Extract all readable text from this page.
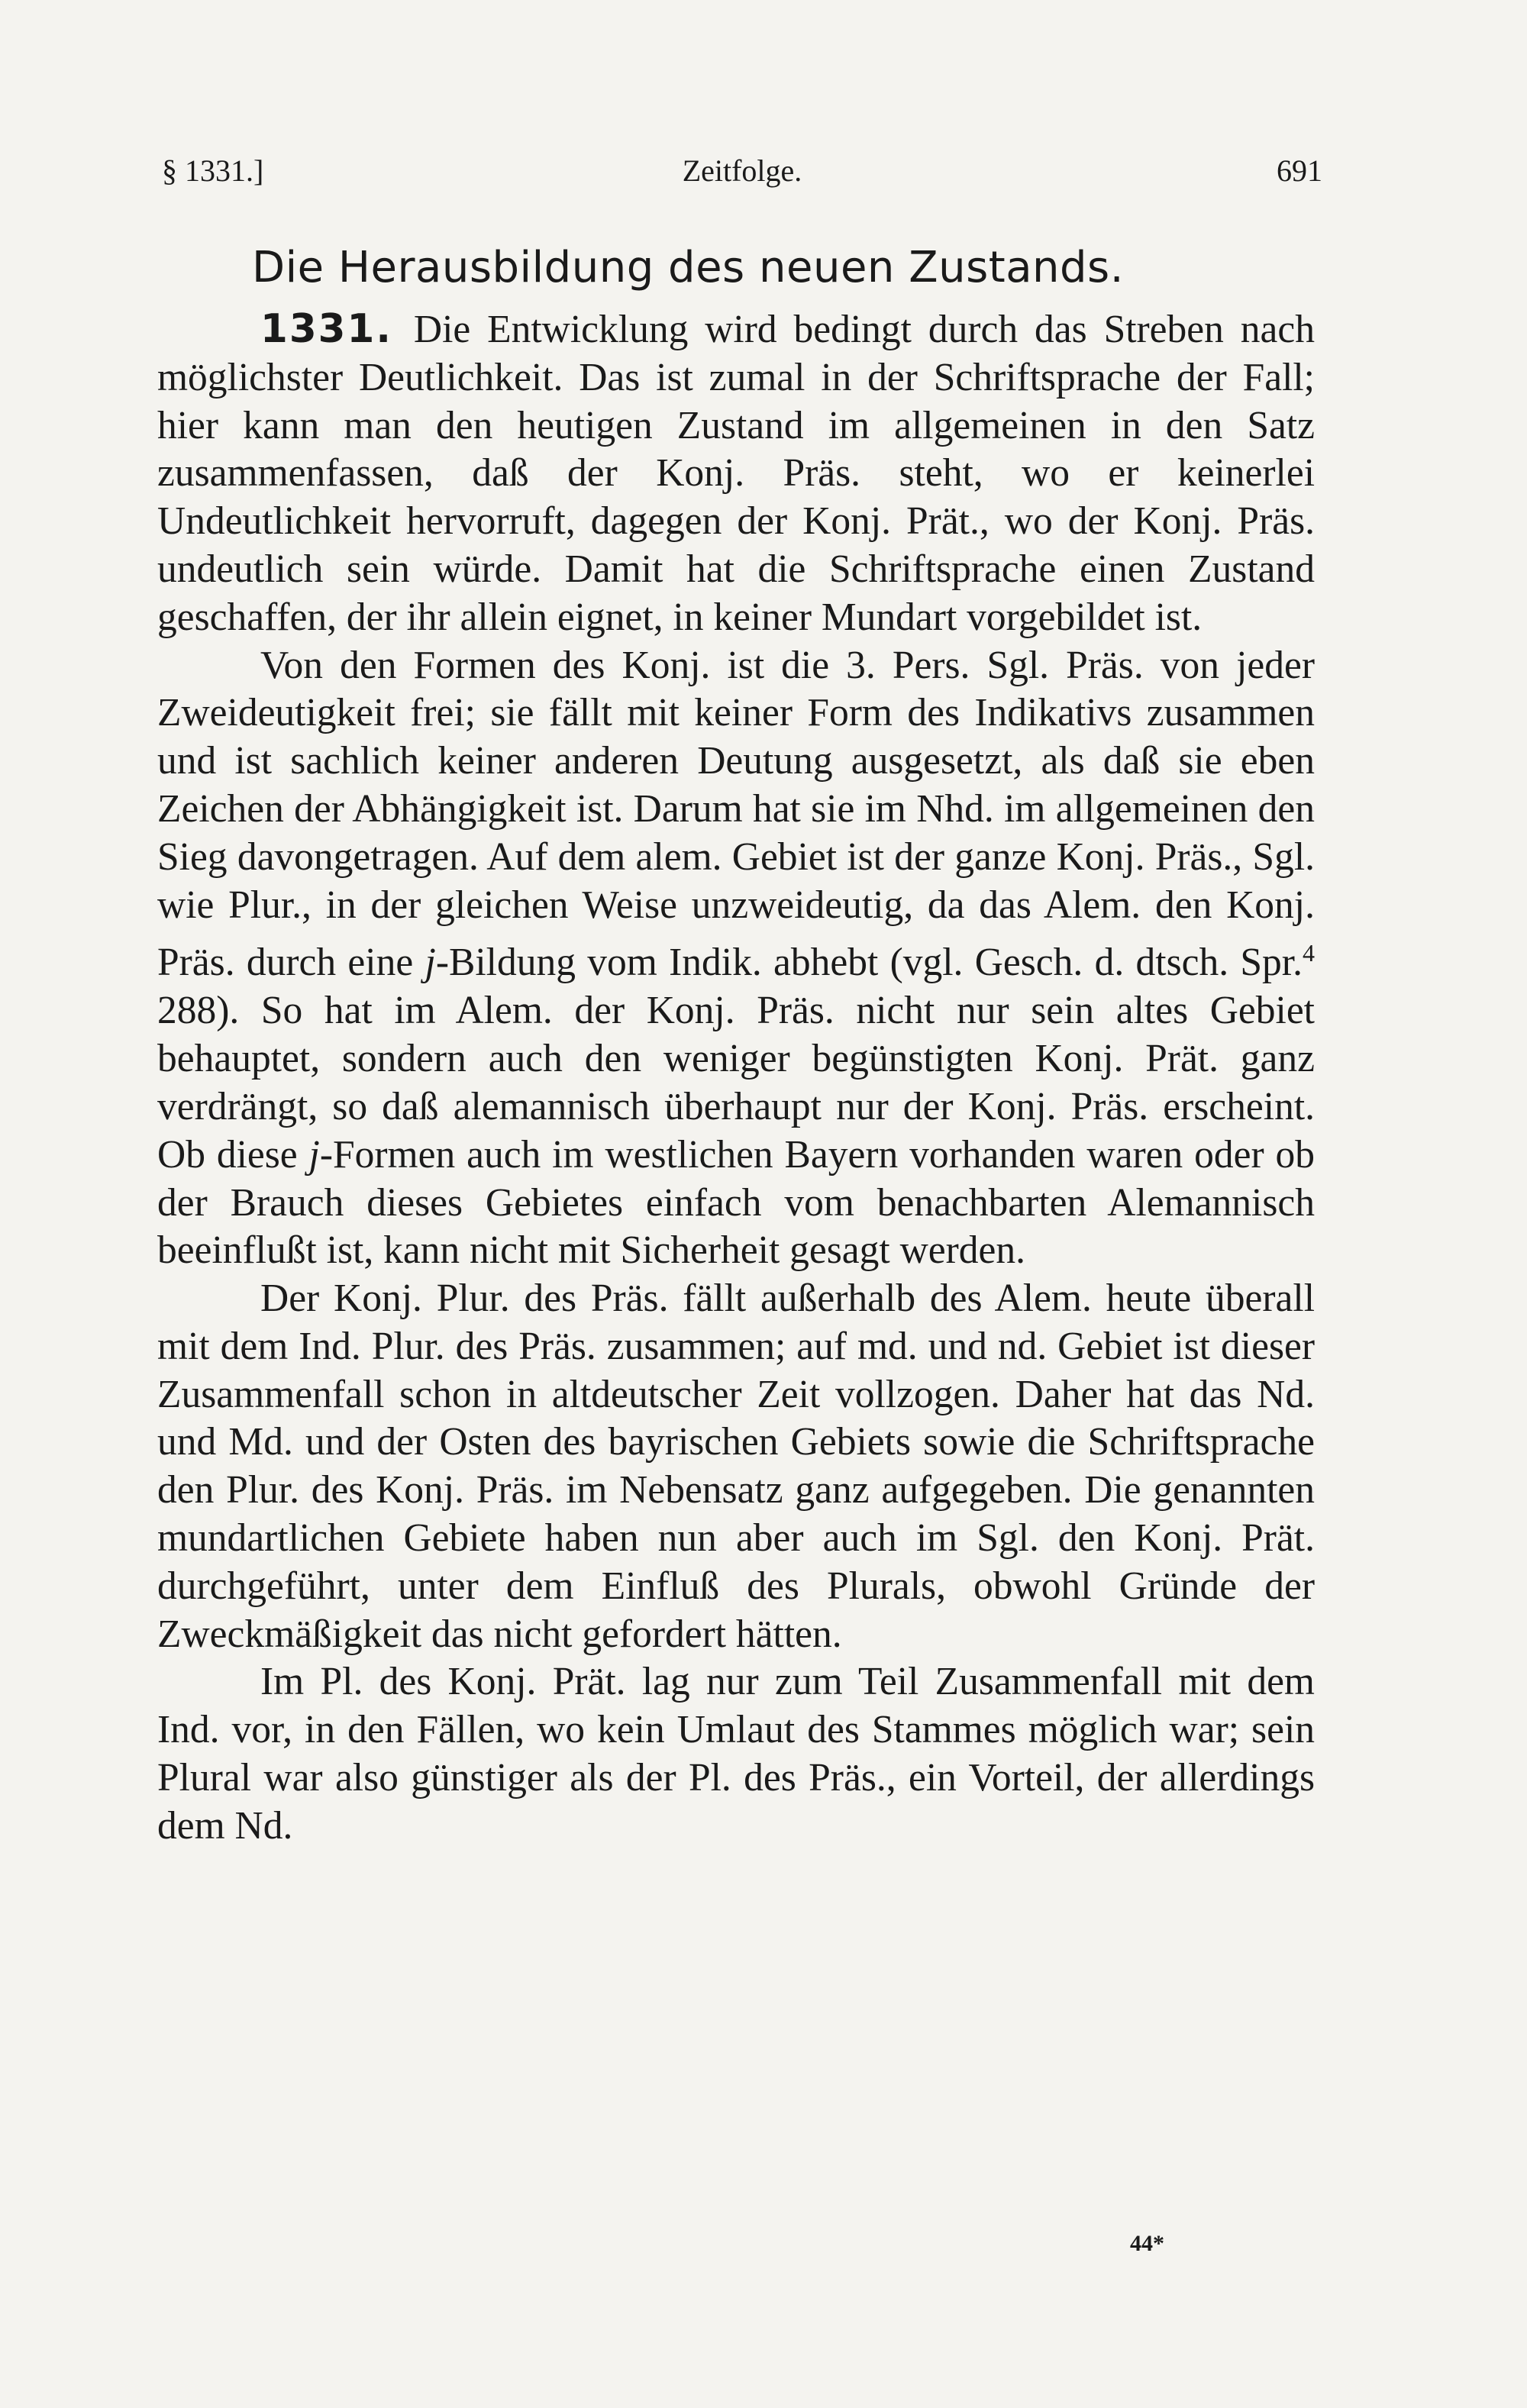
§ 1331.]	Zeitfolge.	691
Die Herausbildung des neuen Zustands.

1331. Die Entwicklung wird bedingt durch das Streben nach möglichster Deutlichkeit. Das ist zumal in der Schriftsprache der Fall; hier kann man den heutigen Zustand im allgemeinen in den Satz zusammenfassen, daß der Konj. Präs. steht, wo er keinerlei Undeutlichkeit hervorruft, dagegen der Konj. Prät., wo der Konj. Präs. undeutlich sein würde. Damit hat die Schriftsprache einen Zustand geschaffen, der ihr allein eignet, in keiner Mundart vorgebildet ist.

Von den Formen des Konj. ist die 3. Pers. Sgl. Präs. von jeder Zweideutigkeit frei; sie fällt mit keiner Form des Indikativs zusammen und ist sachlich keiner anderen Deutung ausgesetzt, als daß sie eben Zeichen der Abhängigkeit ist. Darum hat sie im Nhd. im allgemeinen den Sieg davongetragen. Auf dem alem. Gebiet ist der ganze Konj. Präs., Sgl. wie Plur., in der gleichen Weise unzweideutig, da das Alem. den Konj. Präs. durch eine j-Bildung vom Indik. abhebt (vgl. Gesch. d. dtsch. Spr.$^4$ 288). So hat im Alem. der Konj. Präs. nicht nur sein altes Gebiet behauptet, sondern auch den weniger begünstigten Konj. Prät. ganz verdrängt, so daß alemannisch überhaupt nur der Konj. Präs. erscheint. Ob diese j-Formen auch im westlichen Bayern vorhanden waren oder ob der Brauch dieses Gebietes einfach vom benachbarten Alemannisch beeinflußt ist, kann nicht mit Sicherheit gesagt werden.

Der Konj. Plur. des Präs. fällt außerhalb des Alem. heute überall mit dem Ind. Plur. des Präs. zusammen; auf md. und nd. Gebiet ist dieser Zusammenfall schon in altdeutscher Zeit vollzogen. Daher hat das Nd. und Md. und der Osten des bayrischen Gebiets sowie die Schriftsprache den Plur. des Konj. Präs. im Nebensatz ganz aufgegeben. Die genannten mundartlichen Gebiete haben nun aber auch im Sgl. den Konj. Prät. durchgeführt, unter dem Einfluß des Plurals, obwohl Gründe der Zweckmäßigkeit das nicht gefordert hätten.

Im Pl. des Konj. Prät. lag nur zum Teil Zusammenfall mit dem Ind. vor, in den Fällen, wo kein Umlaut des Stammes möglich war; sein Plural war also günstiger als der Pl. des Präs., ein Vorteil, der allerdings dem Nd.

44*
